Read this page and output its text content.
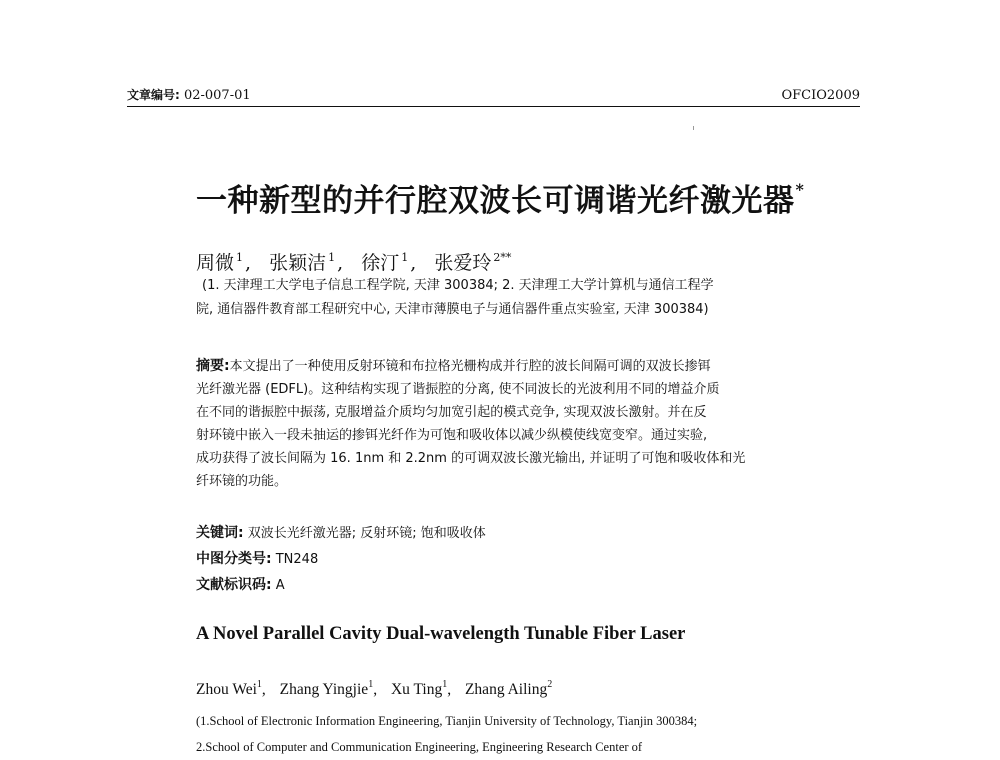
文章编号: 02-007-01	OFCIO2009
一种新型的并行腔双波长可调谐光纤激光器*
周微 $^1$ , 张颖洁 $^1$ , 徐汀 $^1$ , 张爱玲 $^{2**}$

(1. 天津理工大学电子信息工程学院, 天津 300384; 2. 天津理工大学计算机与通信工程学
院, 通信器件教育部工程研究中心, 天津市薄膜电子与通信器件重点实验室, 天津 300384)

摘要:本文提出了一种使用反射环镜和布拉格光栅构成并行腔的波长间隔可调的双波长掺铒
光纤激光器 (EDFL)。这种结构实现了谐振腔的分离, 使不同波长的光波利用不同的增益介质
在不同的谐振腔中振荡, 克服增益介质均匀加宽引起的模式竞争, 实现双波长激射。并在反
射环镜中嵌入一段未抽运的掺铒光纤作为可饱和吸收体以减少纵模使线宽变窄。通过实验,
成功获得了波长间隔为 16. 1nm 和 2.2nm 的可调双波长激光输出, 并证明了可饱和吸收体和光
纤环镜的功能。

关键词: 双波长光纤激光器; 反射环镜; 饱和吸收体
中图分类号: TN248
文献标识码: A
A Novel Parallel Cavity Dual-wavelength Tunable Fiber Laser
Zhou Wei$^1$, Zhang Yingjie$^1$, Xu Ting$^1$, Zhang Ailing$^2$

(1.School of Electronic Information Engineering, Tianjin University of Technology, Tianjin 300384;
2.School of Computer and Communication Engineering, Engineering Research Center of
